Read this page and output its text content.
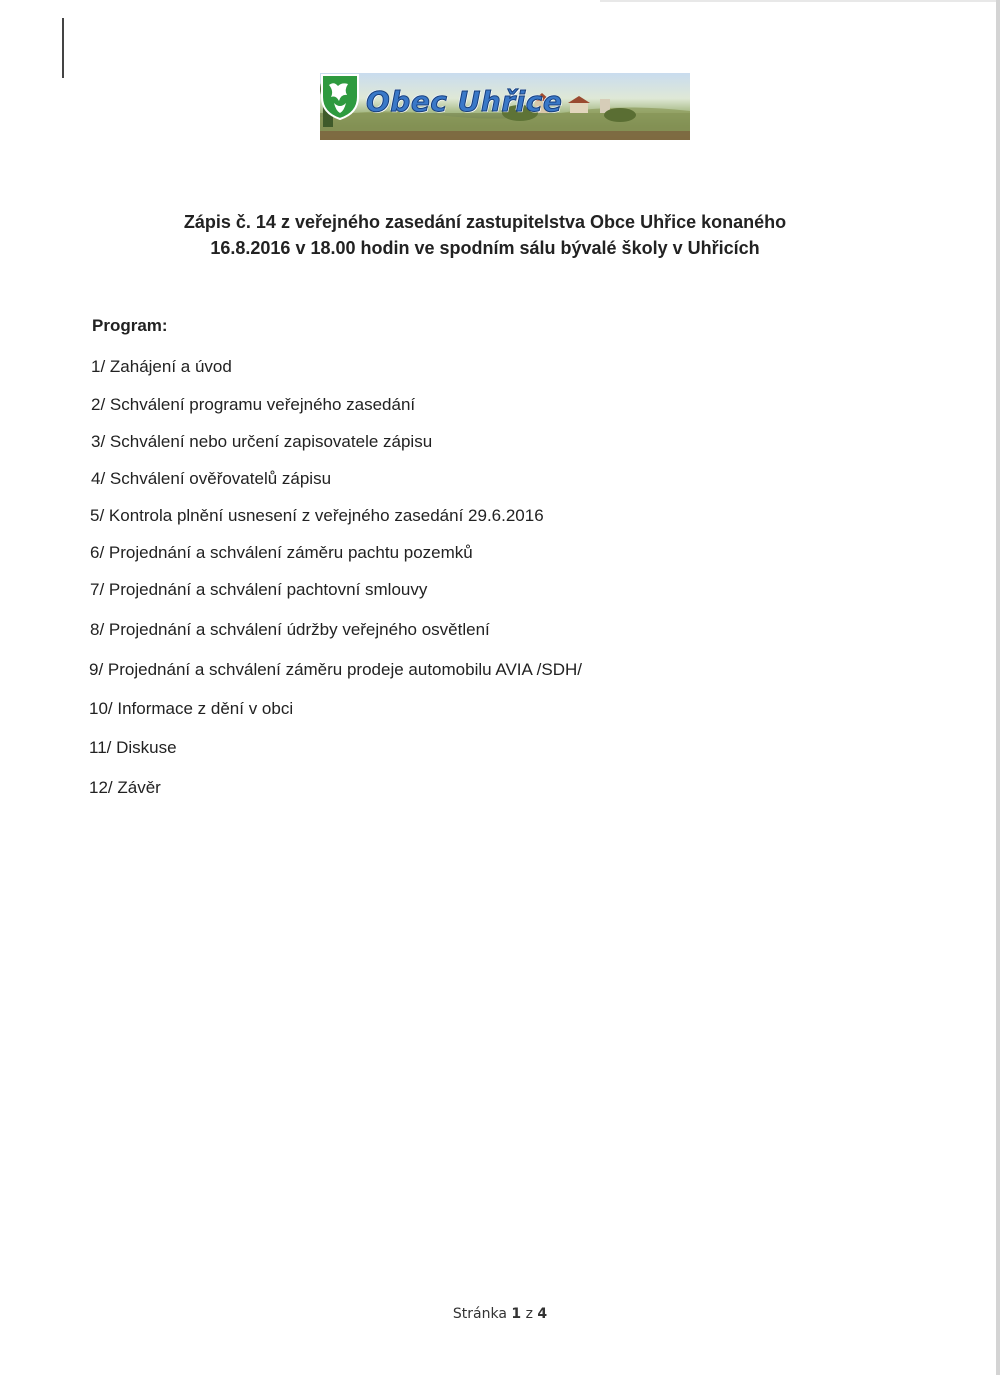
Obec Uhřice
Zápis č. 14 z veřejného zasedání zastupitelstva Obce Uhřice konaného
16.8.2016 v 18.00 hodin ve spodním sálu bývalé školy v Uhřicích
Program:
1/ Zahájení a úvod
2/ Schválení programu veřejného zasedání
3/ Schválení nebo určení zapisovatele zápisu
4/ Schválení ověřovatelů zápisu
5/ Kontrola plnění usnesení z veřejného zasedání 29.6.2016
6/ Projednání a schválení záměru pachtu pozemků
7/ Projednání a schválení pachtovní smlouvy
8/ Projednání a schválení údržby veřejného osvětlení
9/ Projednání a schválení záměru prodeje automobilu AVIA /SDH/
10/ Informace z dění v obci
11/ Diskuse
12/ Závěr
Stránka 1 z 4
